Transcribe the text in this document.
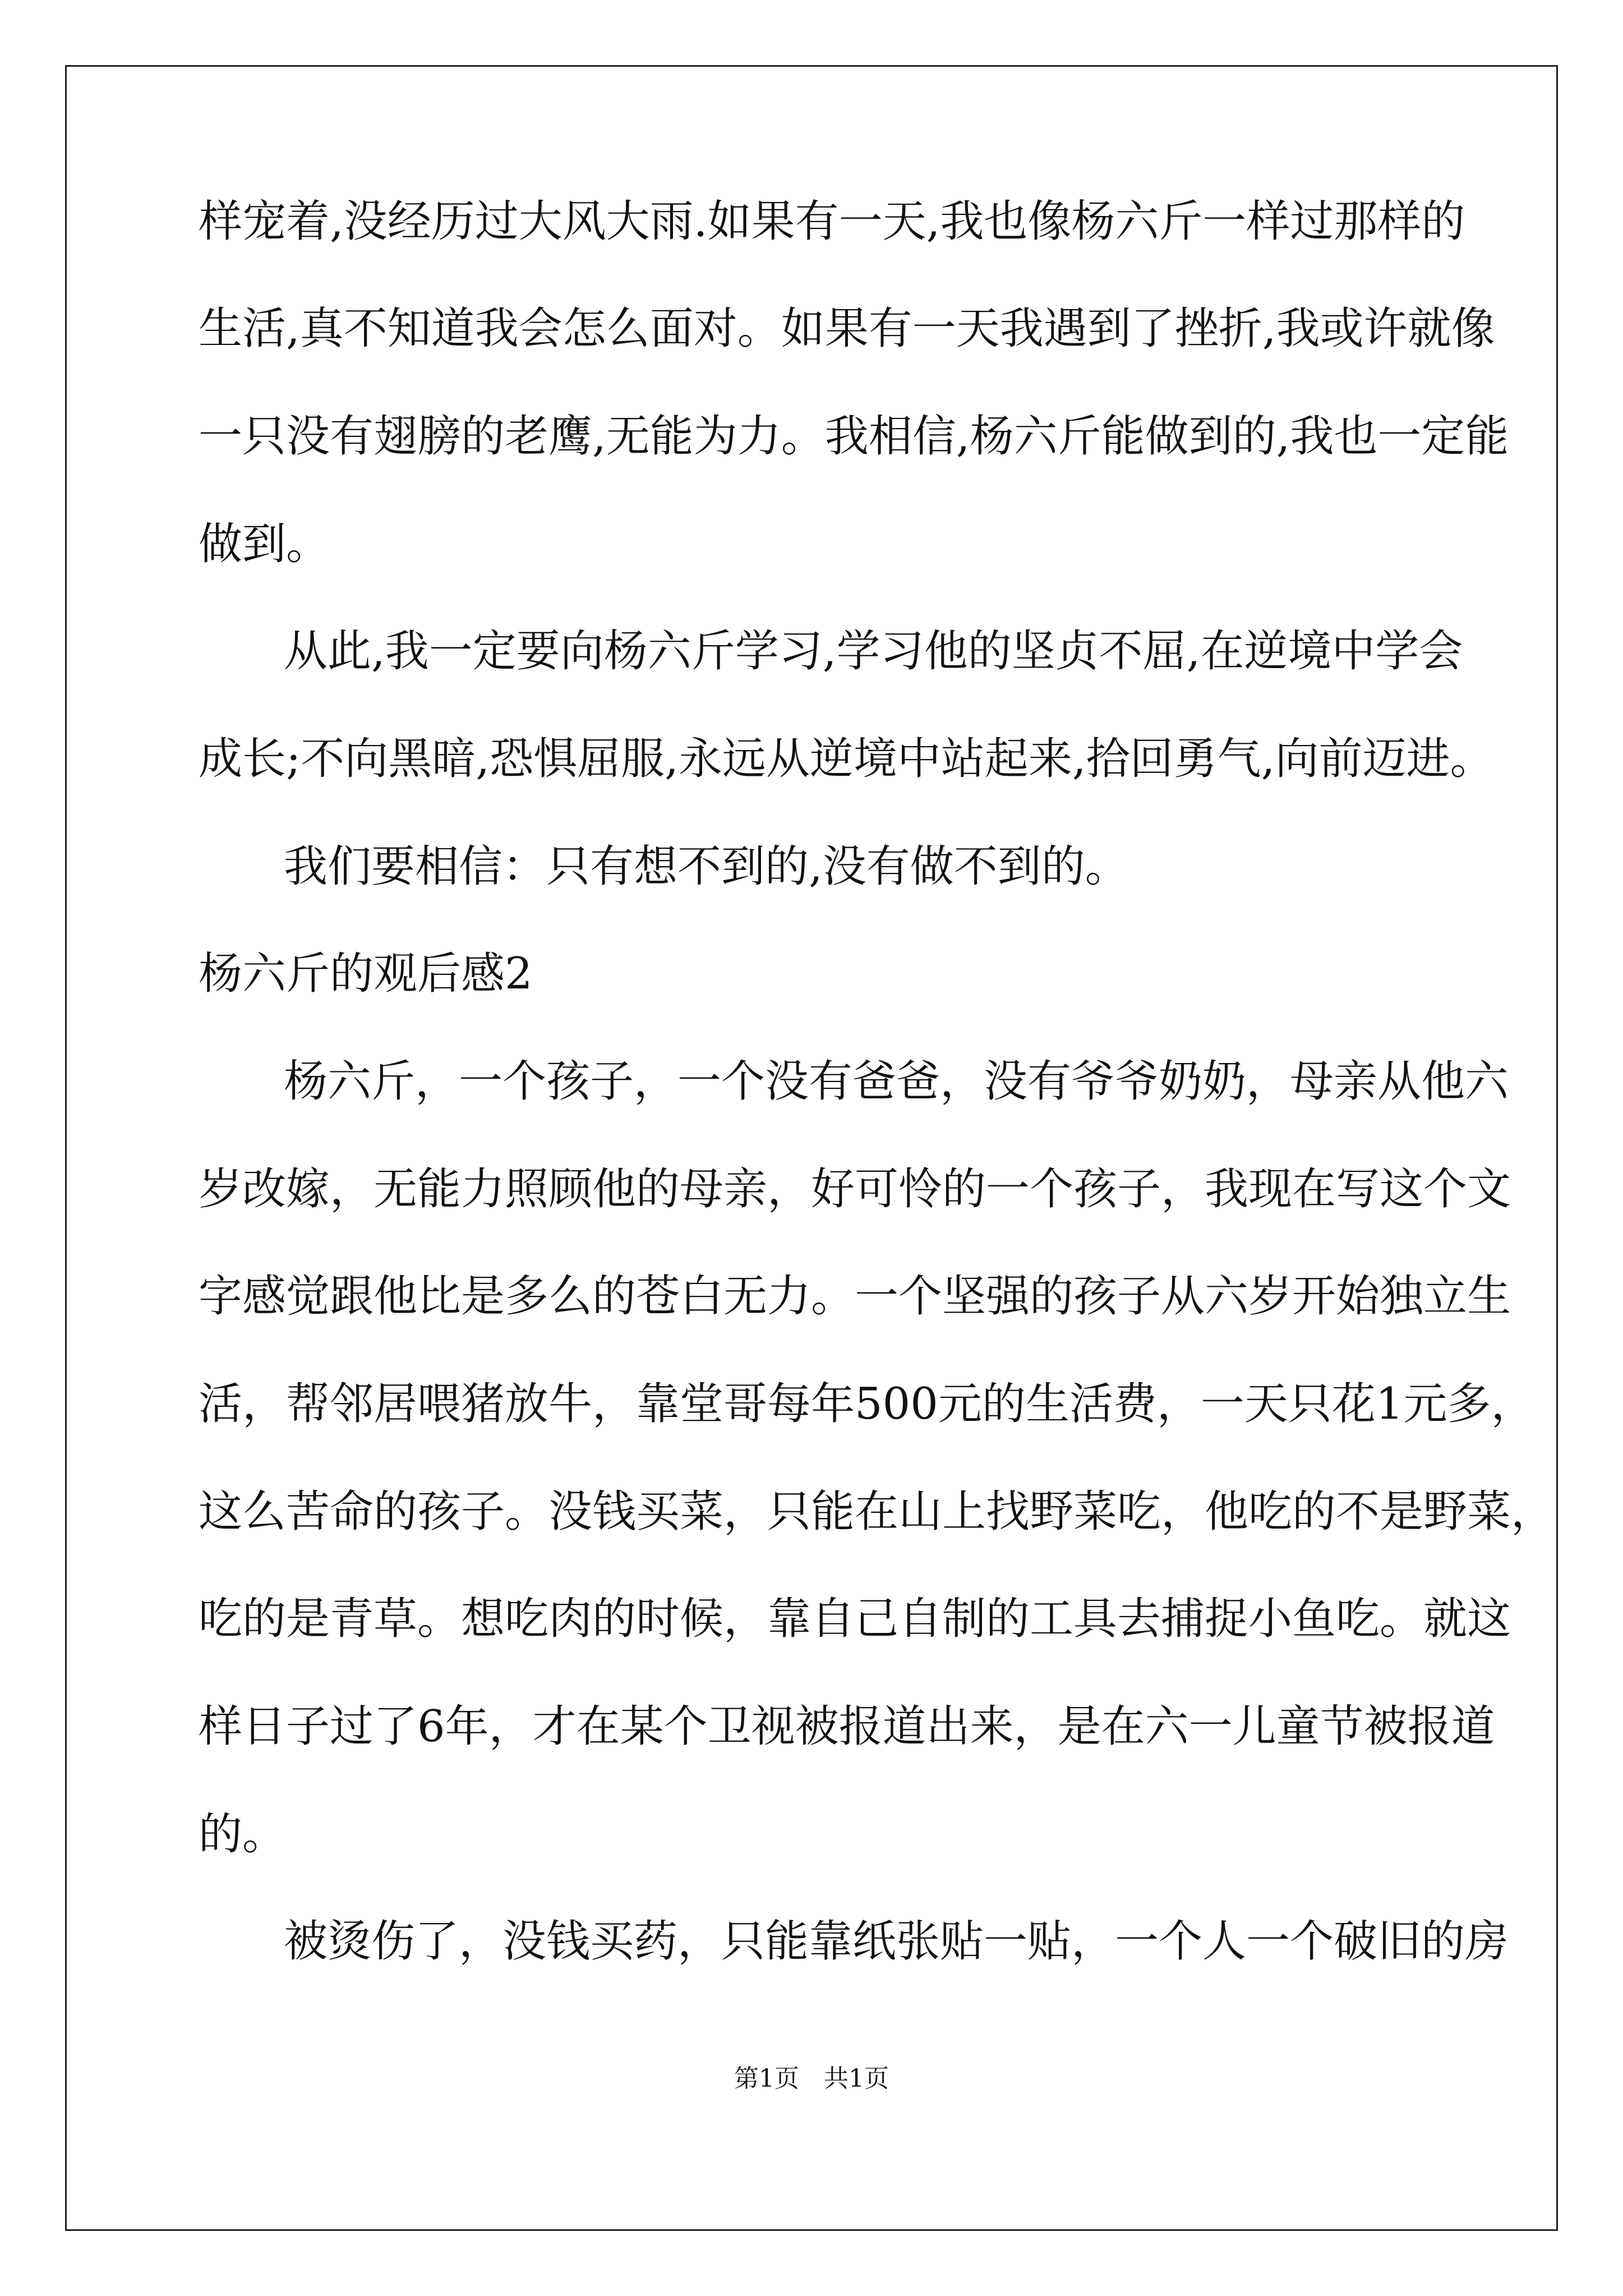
样宠着,没经历过大风大雨.如果有一天,我也像杨六斤一样过那样的
生活,真不知道我会怎么面对。如果有一天我遇到了挫折,我或许就像
一只没有翅膀的老鹰,无能为力。我相信,杨六斤能做到的,我也一定能
做到。
从此,我一定要向杨六斤学习,学习他的坚贞不屈,在逆境中学会
成长;不向黑暗,恐惧屈服,永远从逆境中站起来,拾回勇气,向前迈进。
我们要相信：只有想不到的,没有做不到的。
杨六斤的观后感2
杨六斤，一个孩子，一个没有爸爸，没有爷爷奶奶，母亲从他六
岁改嫁，无能力照顾他的母亲，好可怜的一个孩子，我现在写这个文
字感觉跟他比是多么的苍白无力。一个坚强的孩子从六岁开始独立生
活，帮邻居喂猪放牛，靠堂哥每年500元的生活费，一天只花1元多，
这么苦命的孩子。没钱买菜，只能在山上找野菜吃，他吃的不是野菜，
吃的是青草。想吃肉的时候，靠自己自制的工具去捕捉小鱼吃。就这
样日子过了6年，才在某个卫视被报道出来，是在六一儿童节被报道
的。
被烫伤了，没钱买药，只能靠纸张贴一贴，一个人一个破旧的房
第1页　共1页
